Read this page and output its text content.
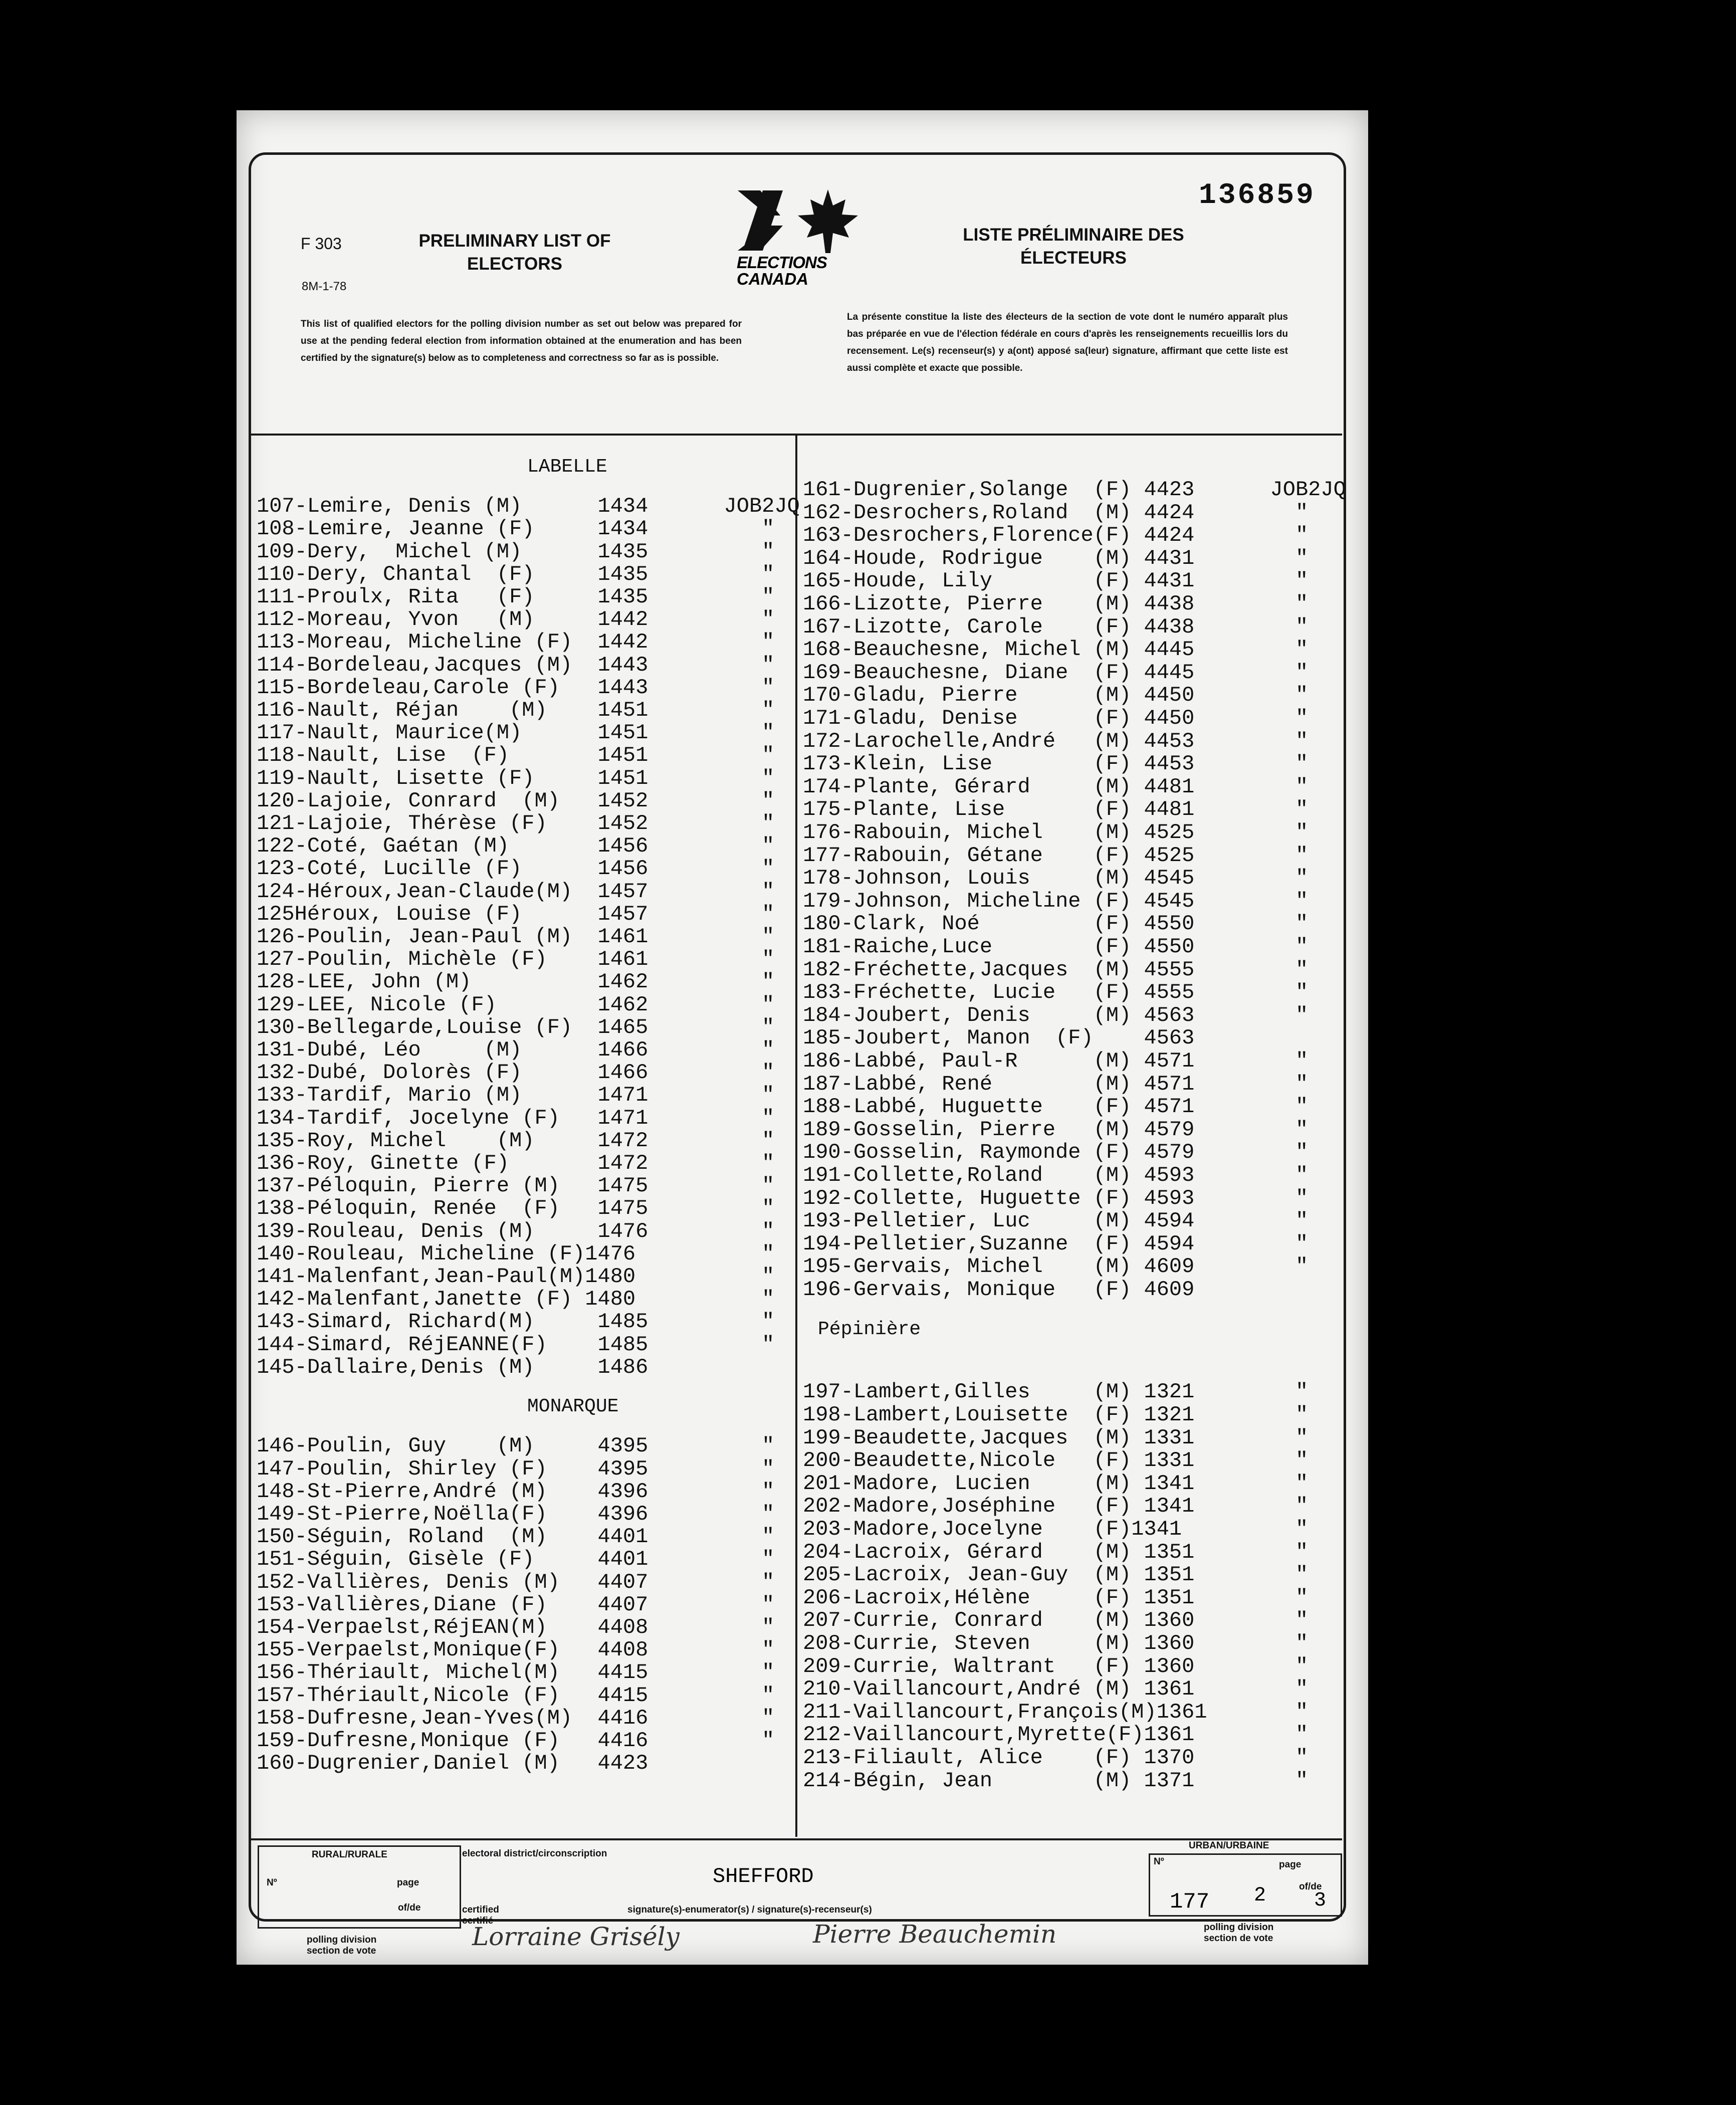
136859
F 303
8M-1-78
PRELIMINARY LIST OF
ELECTORS
LISTE PRÉLIMINAIRE DES
ÉLECTEURS
ELECTIONS
CANADA
This list of qualified electors for the polling division number as set out below was prepared for use at the pending federal election from information obtained at the enumeration and has been certified by the signature(s) below as to completeness and correctness so far as is possible.
La présente constitue la liste des électeurs de la section de vote dont le numéro apparaît plus bas préparée en vue de l'élection fédérale en cours d'après les renseignements recueillis lors du recensement. Le(s) recenseur(s) y a(ont) apposé sa(leur) signature, affirmant que cette liste est aussi complète et exacte que possible.
LABELLE
107-Lemire, Denis (M)      1434      JOB2JQ
108-Lemire, Jeanne (F)     1434         "
109-Dery,  Michel (M)      1435         "
110-Dery, Chantal  (F)     1435         "
111-Proulx, Rita   (F)     1435         "
112-Moreau, Yvon   (M)     1442         "
113-Moreau, Micheline (F)  1442         "
114-Bordeleau,Jacques (M)  1443         "
115-Bordeleau,Carole (F)   1443         "
116-Nault, Réjan    (M)    1451         "
117-Nault, Maurice(M)      1451         "
118-Nault, Lise  (F)       1451         "
119-Nault, Lisette (F)     1451         "
120-Lajoie, Conrard  (M)   1452         "
121-Lajoie, Thérèse (F)    1452         "
122-Coté, Gaétan (M)       1456         "
123-Coté, Lucille (F)      1456         "
124-Héroux,Jean-Claude(M)  1457         "
125Héroux, Louise (F)      1457         "
126-Poulin, Jean-Paul (M)  1461         "
127-Poulin, Michèle (F)    1461         "
128-LEE, John (M)          1462         "
129-LEE, Nicole (F)        1462         "
130-Bellegarde,Louise (F)  1465         "
131-Dubé, Léo     (M)      1466         "
132-Dubé, Dolorès (F)      1466         "
133-Tardif, Mario (M)      1471         "
134-Tardif, Jocelyne (F)   1471         "
135-Roy, Michel    (M)     1472         "
136-Roy, Ginette (F)       1472         "
137-Péloquin, Pierre (M)   1475         "
138-Péloquin, Renée  (F)   1475         "
139-Rouleau, Denis (M)     1476         "
140-Rouleau, Micheline (F)1476          "
141-Malenfant,Jean-Paul(M)1480          "
142-Malenfant,Janette (F) 1480          "
143-Simard, Richard(M)     1485         "
144-Simard, RéjEANNE(F)    1485         "
145-Dallaire,Denis (M)     1486
MONARQUE
146-Poulin, Guy    (M)     4395         "
147-Poulin, Shirley (F)    4395         "
148-St-Pierre,André (M)    4396         "
149-St-Pierre,Noëlla(F)    4396         "
150-Séguin, Roland  (M)    4401         "
151-Séguin, Gisèle (F)     4401         "
152-Vallières, Denis (M)   4407         "
153-Vallières,Diane (F)    4407         "
154-Verpaelst,RéjEAN(M)    4408         "
155-Verpaelst,Monique(F)   4408         "
156-Thériault, Michel(M)   4415         "
157-Thériault,Nicole (F)   4415         "
158-Dufresne,Jean-Yves(M)  4416         "
159-Dufresne,Monique (F)   4416         "
160-Dugrenier,Daniel (M)   4423
161-Dugrenier,Solange  (F) 4423      JOB2JQ
162-Desrochers,Roland  (M) 4424        "
163-Desrochers,Florence(F) 4424        "
164-Houde, Rodrigue    (M) 4431        "
165-Houde, Lily        (F) 4431        "
166-Lizotte, Pierre    (M) 4438        "
167-Lizotte, Carole    (F) 4438        "
168-Beauchesne, Michel (M) 4445        "
169-Beauchesne, Diane  (F) 4445        "
170-Gladu, Pierre      (M) 4450        "
171-Gladu, Denise      (F) 4450        "
172-Larochelle,André   (M) 4453        "
173-Klein, Lise        (F) 4453        "
174-Plante, Gérard     (M) 4481        "
175-Plante, Lise       (F) 4481        "
176-Rabouin, Michel    (M) 4525        "
177-Rabouin, Gétane    (F) 4525        "
178-Johnson, Louis     (M) 4545        "
179-Johnson, Micheline (F) 4545        "
180-Clark, Noé         (F) 4550        "
181-Raiche,Luce        (F) 4550        "
182-Fréchette,Jacques  (M) 4555        "
183-Fréchette, Lucie   (F) 4555        "
184-Joubert, Denis     (M) 4563        "
185-Joubert, Manon  (F)    4563
186-Labbé, Paul-R      (M) 4571        "
187-Labbé, René        (M) 4571        "
188-Labbé, Huguette    (F) 4571        "
189-Gosselin, Pierre   (M) 4579        "
190-Gosselin, Raymonde (F) 4579        "
191-Collette,Roland    (M) 4593        "
192-Collette, Huguette (F) 4593        "
193-Pelletier, Luc     (M) 4594        "
194-Pelletier,Suzanne  (F) 4594        "
195-Gervais, Michel    (M) 4609        "
196-Gervais, Monique   (F) 4609
Pépinière
197-Lambert,Gilles     (M) 1321        "
198-Lambert,Louisette  (F) 1321        "
199-Beaudette,Jacques  (M) 1331        "
200-Beaudette,Nicole   (F) 1331        "
201-Madore, Lucien     (M) 1341        "
202-Madore,Joséphine   (F) 1341        "
203-Madore,Jocelyne    (F)1341         "
204-Lacroix, Gérard    (M) 1351        "
205-Lacroix, Jean-Guy  (M) 1351        "
206-Lacroix,Hélène     (F) 1351        "
207-Currie, Conrard    (M) 1360        "
208-Currie, Steven     (M) 1360        "
209-Currie, Waltrant   (F) 1360        "
210-Vaillancourt,André (M) 1361        "
211-Vaillancourt,François(M)1361       "
212-Vaillancourt,Myrette(F)1361        "
213-Filiault, Alice    (F) 1370        "
214-Bégin, Jean        (M) 1371        "
RURAL/RURALE
Nº	page
of/de
electoral district/circonscription
SHEFFORD
certified
certifié
signature(s)-enumerator(s) / signature(s)-recenseur(s)
polling division
section de vote	Lorraine Grisély	Pierre Beauchemin
URBAN/URBAINE
Nº	page
177 2	of/de
3
polling division
section de vote
